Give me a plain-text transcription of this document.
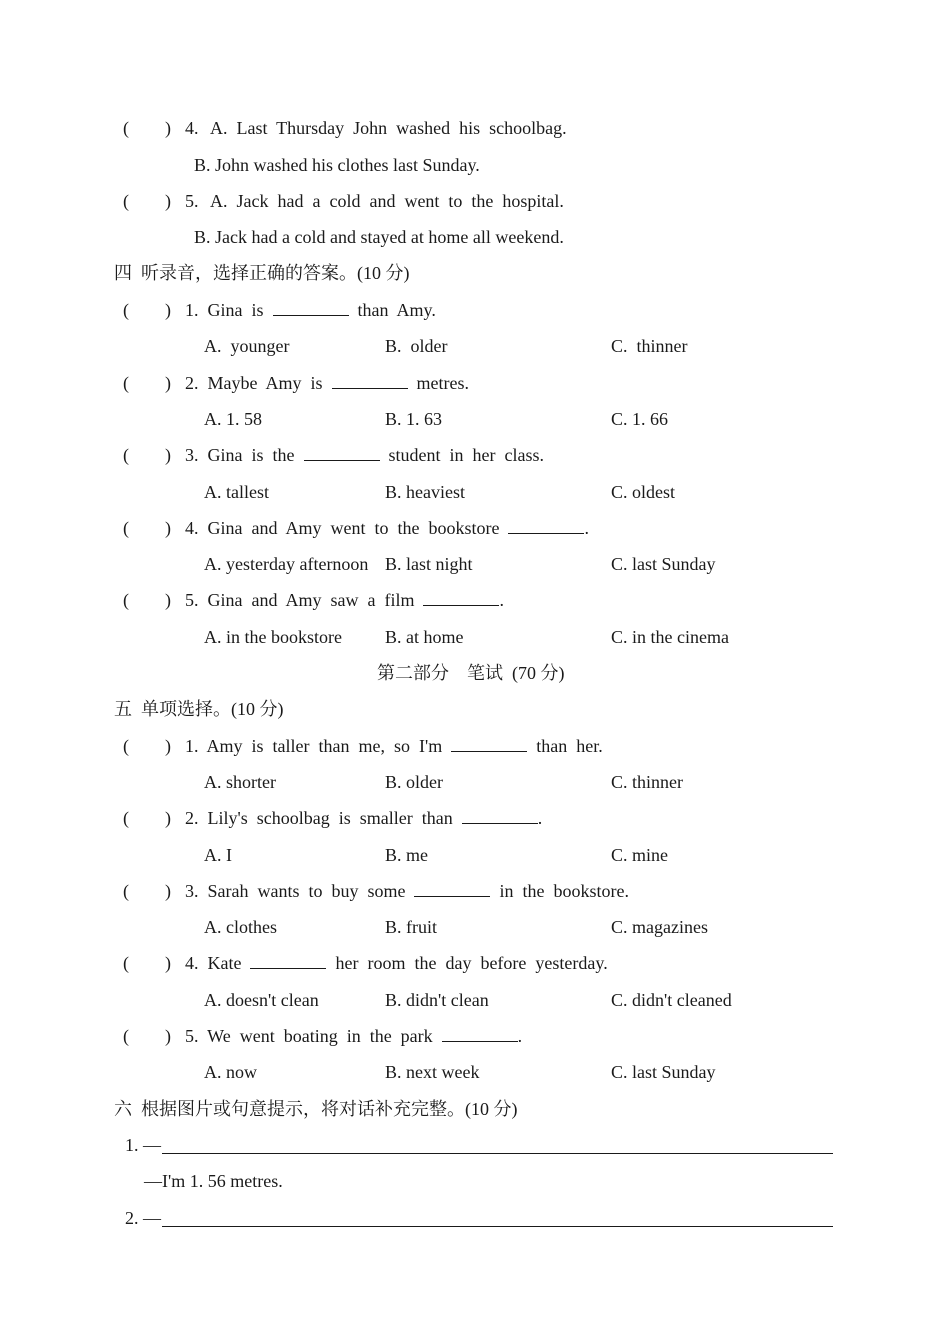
(        ) 4. A.  Last  Thursday  John  washed  his  schoolbag.
B. John washed his clothes last Sunday.
(        ) 5. A.  Jack  had  a  cold  and  went  to  the  hospital.
B. Jack had a cold and stayed at home all weekend.
四  听录音，选择正确的答案。(10 分)
(        ) 1.  Gina  is	than  Amy.
A.  younger	B.  older	C.  thinner
(        ) 2.  Maybe  Amy  is	metres.
A. 1. 58	B. 1. 63	C. 1. 66
(        ) 3.  Gina  is  the	student  in  her  class.
A. tallest	B. heaviest	C. oldest
(        ) 4.  Gina  and  Amy  went  to  the  bookstore	.
A. yesterday afternoon B. last night	C. last Sunday
(        ) 5.  Gina  and  Amy  saw  a  film	.
A. in the bookstore B. at home	C. in the cinema
第二部分    笔试  (70 分)
五  单项选择。(10 分)
(        ) 1.  Amy  is  taller  than  me,  so  I'm	than  her.
A. shorter	B. older	C. thinner
(        ) 2.  Lily's  schoolbag  is  smaller  than	.
A. I	B. me	C. mine
(        ) 3.  Sarah  wants  to  buy  some	in  the  bookstore.
A. clothes	B. fruit	C. magazines
(        ) 4.  Kate	her  room  the  day  before  yesterday.
A. doesn't clean	B. didn't clean	C. didn't cleaned
(        ) 5.  We  went  boating  in  the  park	.
A. now	B. next week	C. last Sunday
六  根据图片或句意提示，将对话补充完整。(10 分)
1. —
—I'm 1. 56 metres.
2. —
